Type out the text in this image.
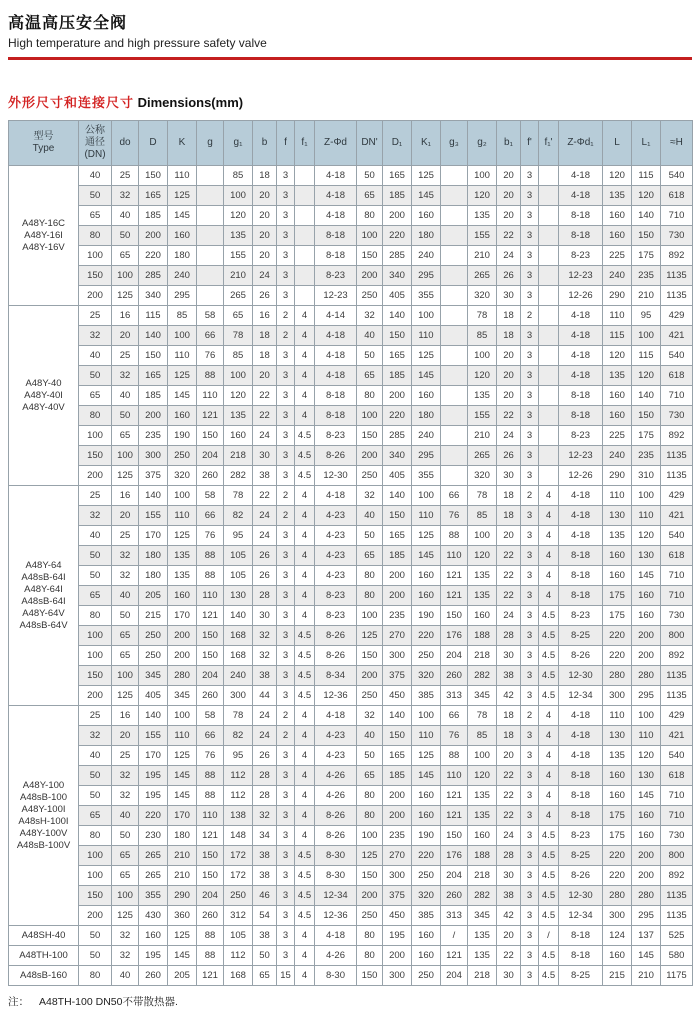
高温高压安全阀
High temperature and high pressure safety valve
外形尺寸和连接尺寸 Dimensions(mm)
型号
Type	公称
通径
(DN)	do	D	K	g	g₁	b	f	f₁	Z-Φd	DN'	D₁	K₁	g₃	g₂	b₁	f'	f₁'	Z-Φd₁	L	L₁	≈H
A48Y-16C
A48Y-16I
A48Y-16V	40	25	150	110		85	18	3		4-18	50	165	125		100	20	3		4-18	120	115	540
	50	32	165	125		100	20	3		4-18	65	185	145		120	20	3		4-18	135	120	618
	65	40	185	145		120	20	3		4-18	80	200	160		135	20	3		8-18	160	140	710
	80	50	200	160		135	20	3		8-18	100	220	180		155	22	3		8-18	160	150	730
	100	65	220	180		155	20	3		8-18	150	285	240		210	24	3		8-23	225	175	892
	150	100	285	240		210	24	3		8-23	200	340	295		265	26	3		12-23	240	235	1135
	200	125	340	295		265	26	3		12-23	250	405	355		320	30	3		12-26	290	210	1135
A48Y-40
A48Y-40I
A48Y-40V	25	16	115	85	58	65	16	2	4	4-14	32	140	100		78	18	2		4-18	110	95	429
	32	20	140	100	66	78	18	2	4	4-18	40	150	110		85	18	3		4-18	115	100	421
	40	25	150	110	76	85	18	3	4	4-18	50	165	125		100	20	3		4-18	120	115	540
	50	32	165	125	88	100	20	3	4	4-18	65	185	145		120	20	3		4-18	135	120	618
	65	40	185	145	110	120	22	3	4	8-18	80	200	160		135	20	3		8-18	160	140	710
	80	50	200	160	121	135	22	3	4	8-18	100	220	180		155	22	3		8-18	160	150	730
	100	65	235	190	150	160	24	3	4.5	8-23	150	285	240		210	24	3		8-23	225	175	892
	150	100	300	250	204	218	30	3	4.5	8-26	200	340	295		265	26	3		12-23	240	235	1135
	200	125	375	320	260	282	38	3	4.5	12-30	250	405	355		320	30	3		12-26	290	310	1135
A48Y-64
A48sB-64I
A48Y-64I
A48sB-64I
A48Y-64V
A48sB-64V	25	16	140	100	58	78	22	2	4	4-18	32	140	100	66	78	18	2	4	4-18	110	100	429
	32	20	155	110	66	82	24	2	4	4-23	40	150	110	76	85	18	3	4	4-18	130	110	421
	40	25	170	125	76	95	24	3	4	4-23	50	165	125	88	100	20	3	4	4-18	135	120	540
	50	32	180	135	88	105	26	3	4	4-23	65	185	145	110	120	22	3	4	8-18	160	130	618
	50	32	180	135	88	105	26	3	4	4-23	80	200	160	121	135	22	3	4	8-18	160	145	710
	65	40	205	160	110	130	28	3	4	8-23	80	200	160	121	135	22	3	4	8-18	175	160	710
	80	50	215	170	121	140	30	3	4	8-23	100	235	190	150	160	24	3	4.5	8-23	175	160	730
	100	65	250	200	150	168	32	3	4.5	8-26	125	270	220	176	188	28	3	4.5	8-25	220	200	800
	100	65	250	200	150	168	32	3	4.5	8-26	150	300	250	204	218	30	3	4.5	8-26	220	200	892
	150	100	345	280	204	240	38	3	4.5	8-34	200	375	320	260	282	38	3	4.5	12-30	280	280	1135
	200	125	405	345	260	300	44	3	4.5	12-36	250	450	385	313	345	42	3	4.5	12-34	300	295	1135
A48Y-100
A48sB-100
A48Y-100I
A48sH-100I
A48Y-100V
A48sB-100V	25	16	140	100	58	78	24	2	4	4-18	32	140	100	66	78	18	2	4	4-18	110	100	429
	32	20	155	110	66	82	24	2	4	4-23	40	150	110	76	85	18	3	4	4-18	130	110	421
	40	25	170	125	76	95	26	3	4	4-23	50	165	125	88	100	20	3	4	4-18	135	120	540
	50	32	195	145	88	112	28	3	4	4-26	65	185	145	110	120	22	3	4	8-18	160	130	618
	50	32	195	145	88	112	28	3	4	4-26	80	200	160	121	135	22	3	4	8-18	160	145	710
	65	40	220	170	110	138	32	3	4	8-26	80	200	160	121	135	22	3	4	8-18	175	160	710
	80	50	230	180	121	148	34	3	4	8-26	100	235	190	150	160	24	3	4.5	8-23	175	160	730
	100	65	265	210	150	172	38	3	4.5	8-30	125	270	220	176	188	28	3	4.5	8-25	220	200	800
	100	65	265	210	150	172	38	3	4.5	8-30	150	300	250	204	218	30	3	4.5	8-26	220	200	892
	150	100	355	290	204	250	46	3	4.5	12-34	200	375	320	260	282	38	3	4.5	12-30	280	280	1135
	200	125	430	360	260	312	54	3	4.5	12-36	250	450	385	313	345	42	3	4.5	12-34	300	295	1135
A48SH-40	50	32	160	125	88	105	38	3	4	4-18	80	195	160	/	135	20	3	/	8-18	124	137	525
A48TH-100	50	32	195	145	88	112	50	3	4	4-26	80	200	160	121	135	22	3	4.5	8-18	160	145	580
A48sB-160	80	40	260	205	121	168	65	15	4	8-30	150	300	250	204	218	30	3	4.5	8-25	215	210	1175
注： A48TH-100 DN50不带散热器.
